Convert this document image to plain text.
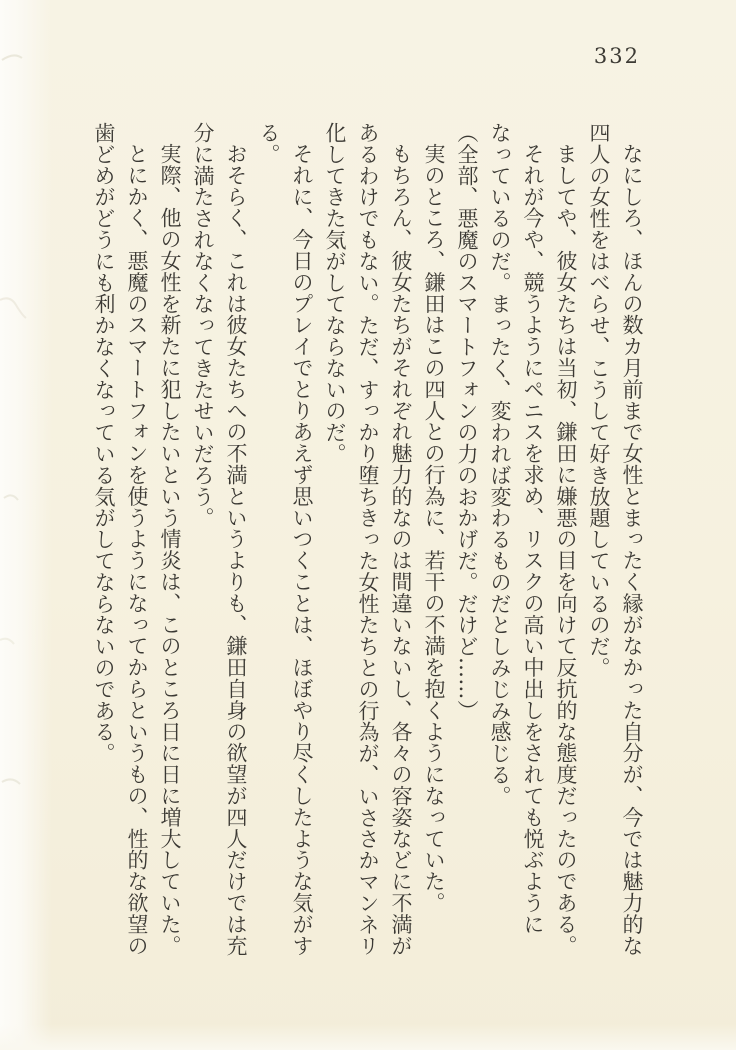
332

なにしろ、ほんの数カ月前まで女性とまったく縁がなかった自分が、今では魅力的な四人の女性をはべらせ、こうして好き放題しているのだ。

ましてや、彼女たちは当初、鎌田に嫌悪の目を向けて反抗的な態度だったのである。

それが今や、競うようにペニスを求め、リスクの高い中出しをされても悦ぶようになっているのだ。まったく、変われば変わるものだとしみじみ感じる。

（全部、悪魔のスマートフォンの力のおかげだ。だけど……）

実のところ、鎌田はこの四人との行為に、若干の不満を抱くようになっていた。

もちろん、彼女たちがそれぞれ魅力的なのは間違いないし、各々の容姿などに不満があるわけでもない。ただ、すっかり堕ちきった女性たちとの行為が、いささかマンネリ化してきた気がしてならないのだ。

それに、今日のプレイでとりあえず思いつくことは、ほぼやり尽くしたような気がする。

おそらく、これは彼女たちへの不満というよりも、鎌田自身の欲望が四人だけでは充分に満たされなくなってきたせいだろう。

実際、他の女性を新たに犯したいという情炎は、このところ日に日に増大していた。

とにかく、悪魔のスマートフォンを使うようになってからというもの、性的な欲望の歯どめがどうにも利かなくなっている気がしてならないのである。
